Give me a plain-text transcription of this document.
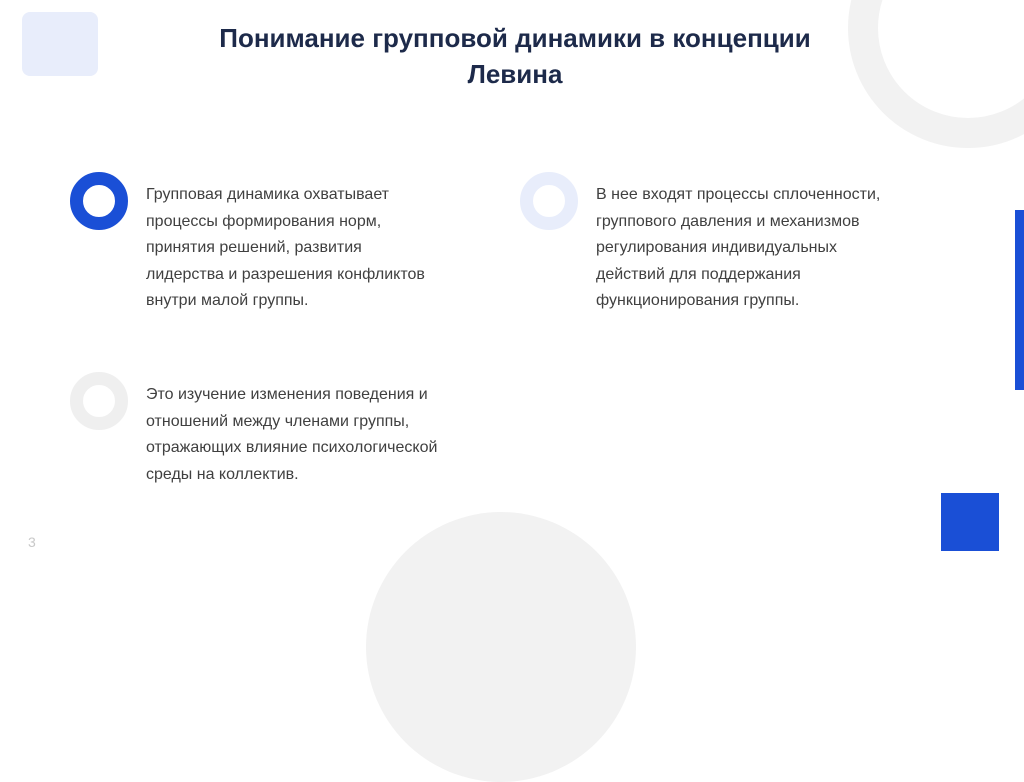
Понимание групповой динамики в концепции
Левина
Групповая динамика охватывает
процессы формирования норм,
принятия решений, развития
лидерства и разрешения конфликтов
внутри малой группы.
В нее входят процессы сплоченности,
группового давления и механизмов
регулирования индивидуальных
действий для поддержания
функционирования группы.
Это изучение изменения поведения и
отношений между членами группы,
отражающих влияние психологической
среды на коллектив.
3
